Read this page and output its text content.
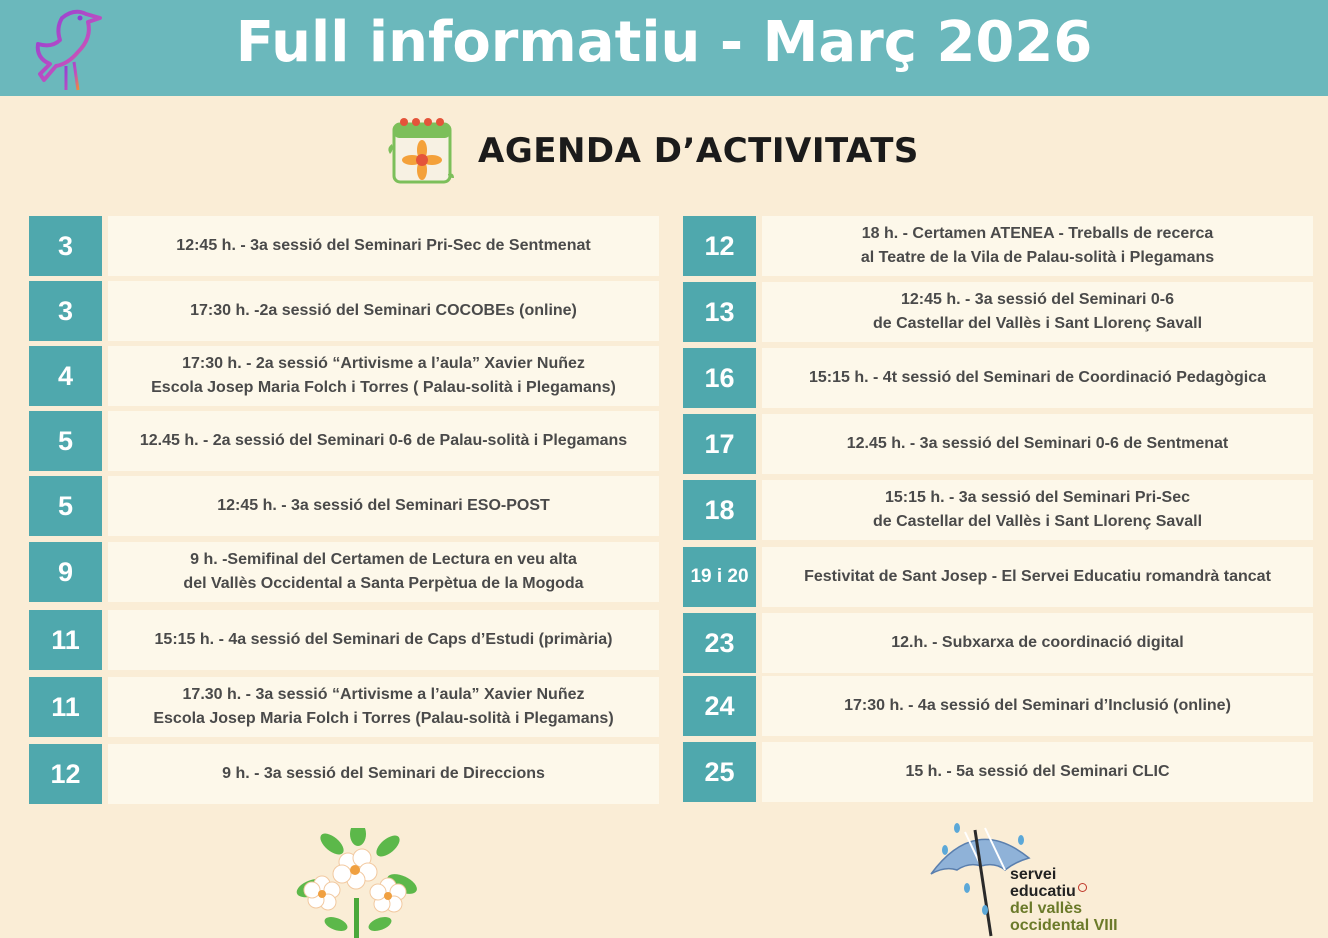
Full informatiu - Març 2026
AGENDA D’ACTIVITATS
3	12:45 h. - 3a sessió del Seminari Pri-Sec de Sentmenat
3	17:30 h. -2a sessió del Seminari COCOBEs (online)
4	17:30 h. - 2a sessió “Artivisme a l’aula” Xavier Nuñez
Escola Josep Maria Folch i Torres ( Palau-solità i Plegamans)
5	12.45 h. - 2a sessió del Seminari 0-6 de Palau-solità i Plegamans
5	12:45 h. - 3a sessió del Seminari ESO-POST
9	9 h. -Semifinal del Certamen de Lectura en veu alta
del Vallès Occidental a Santa Perpètua de la Mogoda
11	15:15 h. - 4a sessió del Seminari de Caps d’Estudi (primària)
11	17.30 h. - 3a sessió “Artivisme a l’aula” Xavier Nuñez
Escola Josep Maria Folch i Torres (Palau-solità i Plegamans)
12	9 h. - 3a sessió del Seminari de Direccions
12	18 h. - Certamen ATENEA - Treballs de recerca
al Teatre de la Vila de Palau-solità i Plegamans
13	12:45 h. - 3a sessió del Seminari 0-6
de Castellar del Vallès i Sant Llorenç Savall
16	15:15 h. - 4t sessió del Seminari de Coordinació Pedagògica
17	12.45 h. - 3a sessió del Seminari 0-6 de Sentmenat
18	15:15 h. - 3a sessió del Seminari Pri-Sec
de Castellar del Vallès i Sant Llorenç Savall
19 i 20	Festivitat de Sant Josep - El Servei Educatiu romandrà tancat
23	12.h. - Subxarxa de coordinació digital
24	17:30 h. - 4a sessió del Seminari d’Inclusió (online)
25	15 h. - 5a sessió del Seminari CLIC
servei
educatiu
del vallès
occidental VIII
